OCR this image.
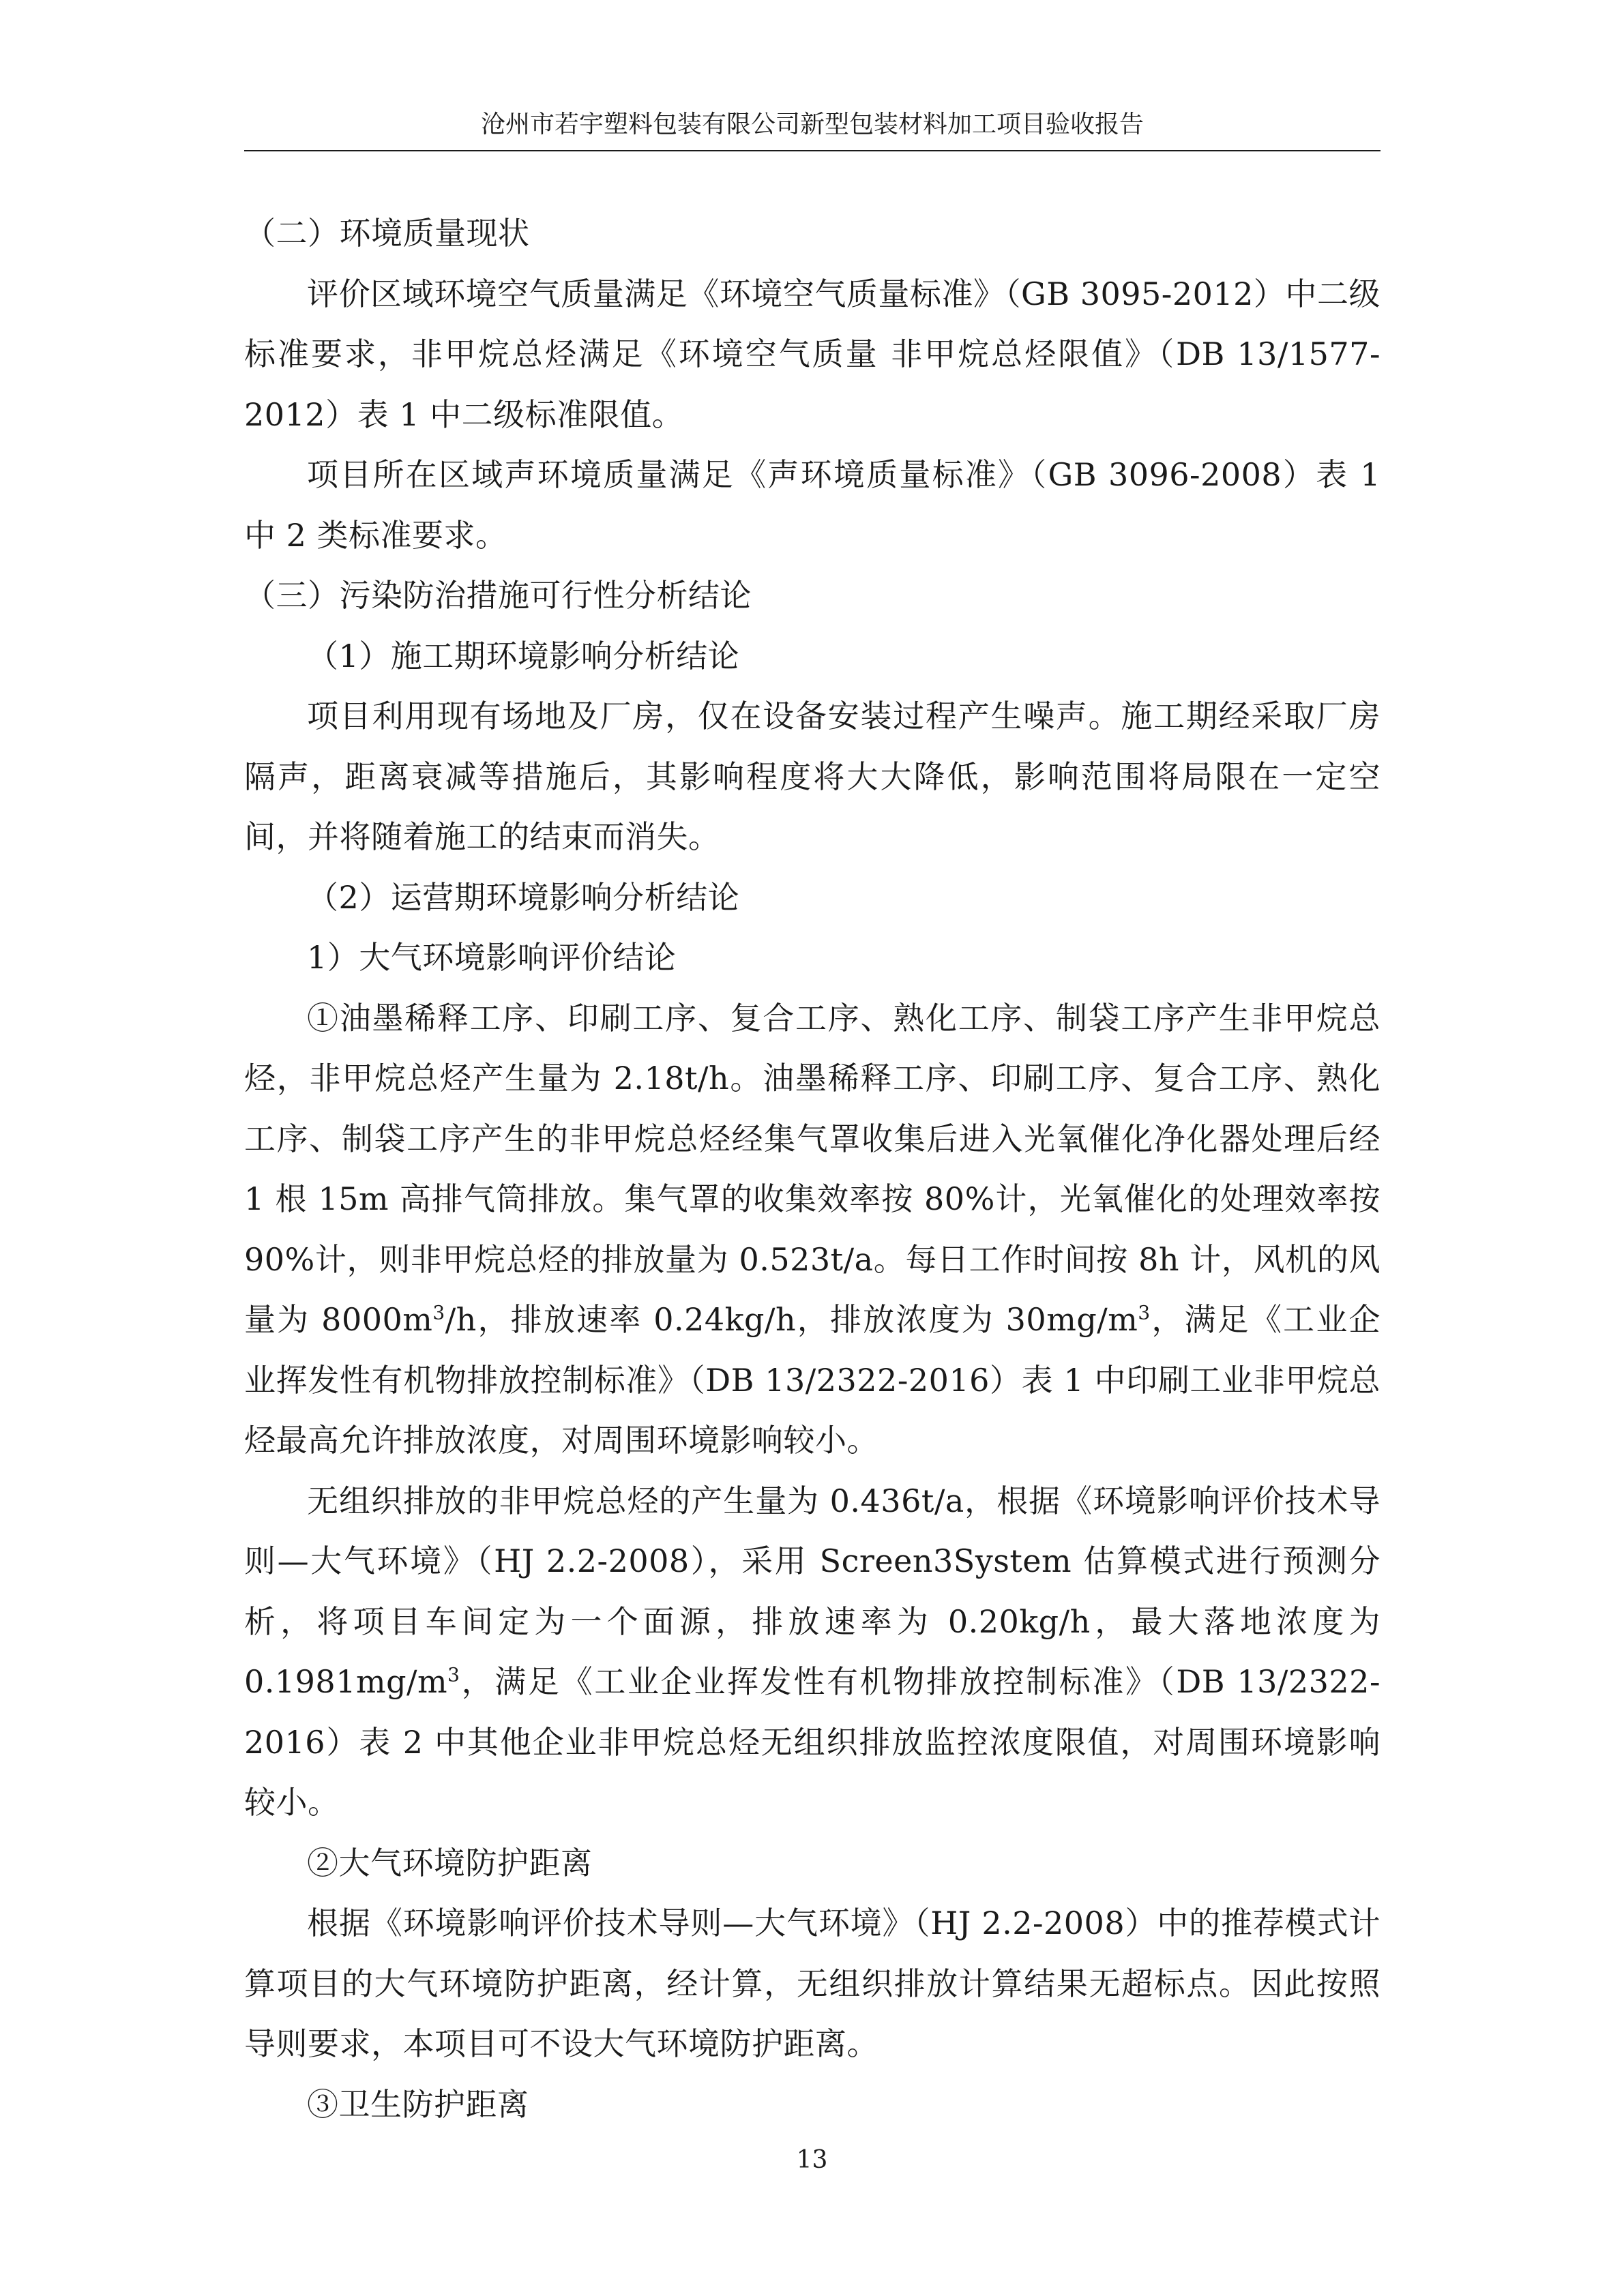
沧州市若宇塑料包装有限公司新型包装材料加工项目验收报告

（二）环境质量现状

评价区域环境空气质量满足《环境空气质量标准》（GB 3095-2012）中二级标准要求，非甲烷总烃满足《环境空气质量 非甲烷总烃限值》（DB 13/1577-2012）表 1 中二级标准限值。

项目所在区域声环境质量满足《声环境质量标准》（GB 3096-2008）表 1 中 2 类标准要求。

（三）污染防治措施可行性分析结论

（1）施工期环境影响分析结论

项目利用现有场地及厂房，仅在设备安装过程产生噪声。施工期经采取厂房隔声，距离衰减等措施后，其影响程度将大大降低，影响范围将局限在一定空间，并将随着施工的结束而消失。

（2）运营期环境影响分析结论

1）大气环境影响评价结论

①油墨稀释工序、印刷工序、复合工序、熟化工序、制袋工序产生非甲烷总烃，非甲烷总烃产生量为 2.18t/h。油墨稀释工序、印刷工序、复合工序、熟化工序、制袋工序产生的非甲烷总烃经集气罩收集后进入光氧催化净化器处理后经 1 根 15m 高排气筒排放。集气罩的收集效率按 80%计，光氧催化的处理效率按 90%计，则非甲烷总烃的排放量为 0.523t/a。每日工作时间按 8h 计，风机的风量为 $8000m^3/h$，排放速率 0.24kg/h，排放浓度为 $30mg/m^3$，满足《工业企业挥发性有机物排放控制标准》（DB 13/2322-2016）表 1 中印刷工业非甲烷总烃最高允许排放浓度，对周围环境影响较小。

无组织排放的非甲烷总烃的产生量为 0.436t/a，根据《环境影响评价技术导则—大气环境》（HJ 2.2-2008），采用 Screen3System 估算模式进行预测分析，将项目车间定为一个面源，排放速率为 0.20kg/h，最大落地浓度为 $0.1981mg/m^3$，满足《工业企业挥发性有机物排放控制标准》（DB 13/2322-2016）表 2 中其他企业非甲烷总烃无组织排放监控浓度限值，对周围环境影响较小。

②大气环境防护距离

根据《环境影响评价技术导则—大气环境》（HJ 2.2-2008）中的推荐模式计算项目的大气环境防护距离，经计算，无组织排放计算结果无超标点。因此按照导则要求，本项目可不设大气环境防护距离。

③卫生防护距离

13
